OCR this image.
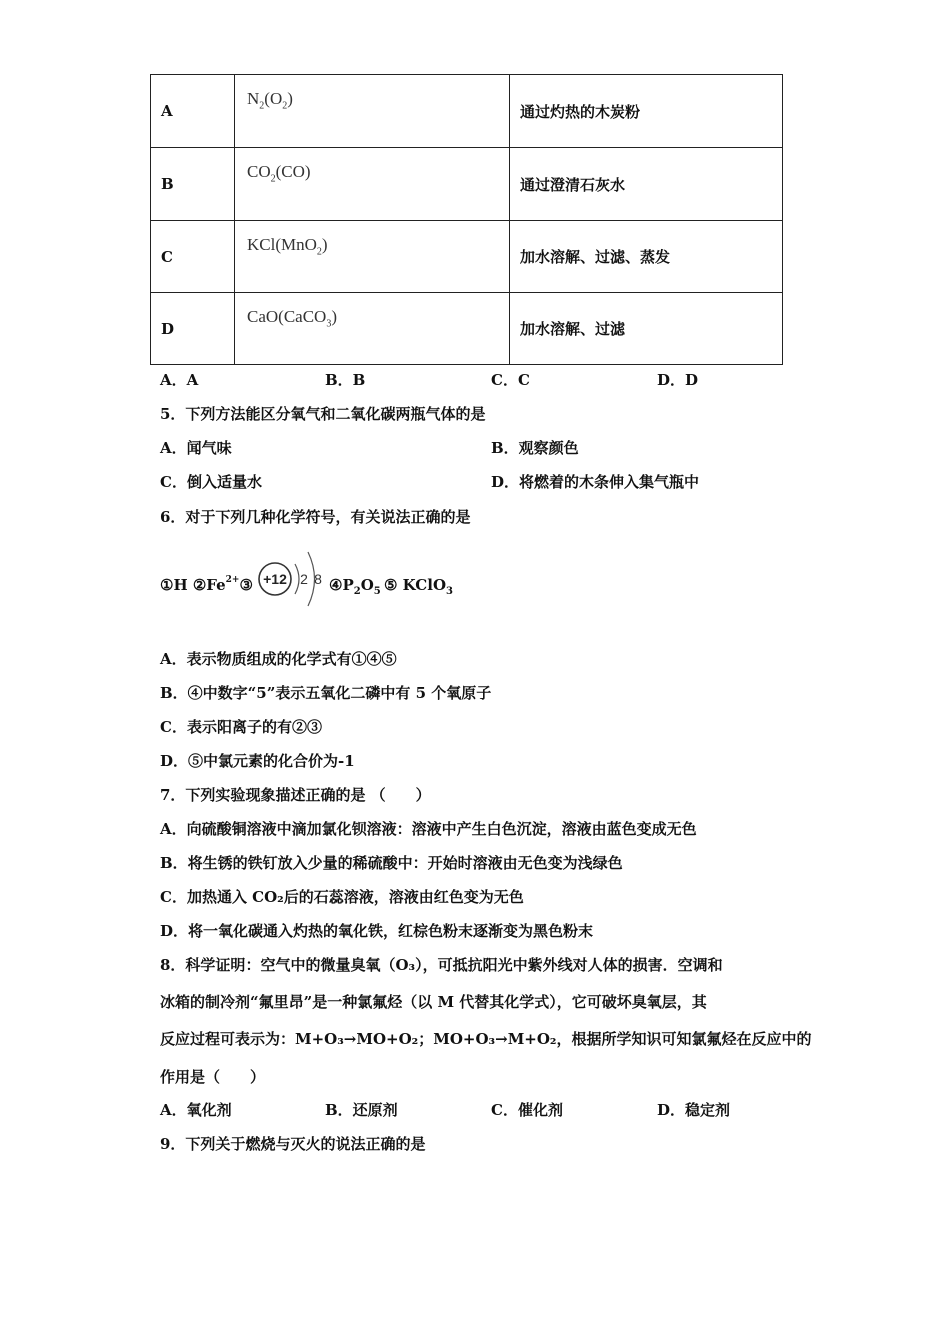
A	$N_2(O_2)$	通过灼热的木炭粉
B	$CO_2(CO)$	通过澄清石灰水
C	KCl(MnO$_2$)	加水溶解、过滤、蒸发
D	CaO(CaCO$_3$)	加水溶解、过滤
A．A	B．B	C．C	D．D
5．下列方法能区分氧气和二氧化碳两瓶气体的是
A．闻气味	B．观察颜色
C．倒入适量水	D．将燃着的木条伸入集气瓶中
6．对于下列几种化学符号，有关说法正确的是
①H $②Fe^{2+}③$	$④P_2O_5$ ⑤ KClO$_3$
+12 2 8
A．表示物质组成的化学式有①④⑤
B．④中数字“5”表示五氧化二磷中有 5 个氧原子
C．表示阳离子的有②③
D．⑤中氯元素的化合价为-1
7．下列实验现象描述正确的是 （　　）
A．向硫酸铜溶液中滴加氯化钡溶液：溶液中产生白色沉淀，溶液由蓝色变成无色
B．将生锈的铁钉放入少量的稀硫酸中：开始时溶液由无色变为浅绿色
C．加热通入 CO₂后的石蕊溶液，溶液由红色变为无色
D．将一氧化碳通入灼热的氧化铁，红棕色粉末逐渐变为黑色粉末
8．科学证明：空气中的微量臭氧（O₃），可抵抗阳光中紫外线对人体的损害．空调和
冰箱的制冷剂“氟里昂”是一种氯氟烃（以 M 代替其化学式），它可破坏臭氧层，其
反应过程可表示为：M+O₃→MO+O₂；MO+O₃→M+O₂，根据所学知识可知氯氟烃在反应中的
作用是（　　）
A．氧化剂	B．还原剂	C．催化剂	D．稳定剂
9．下列关于燃烧与灭火的说法正确的是
